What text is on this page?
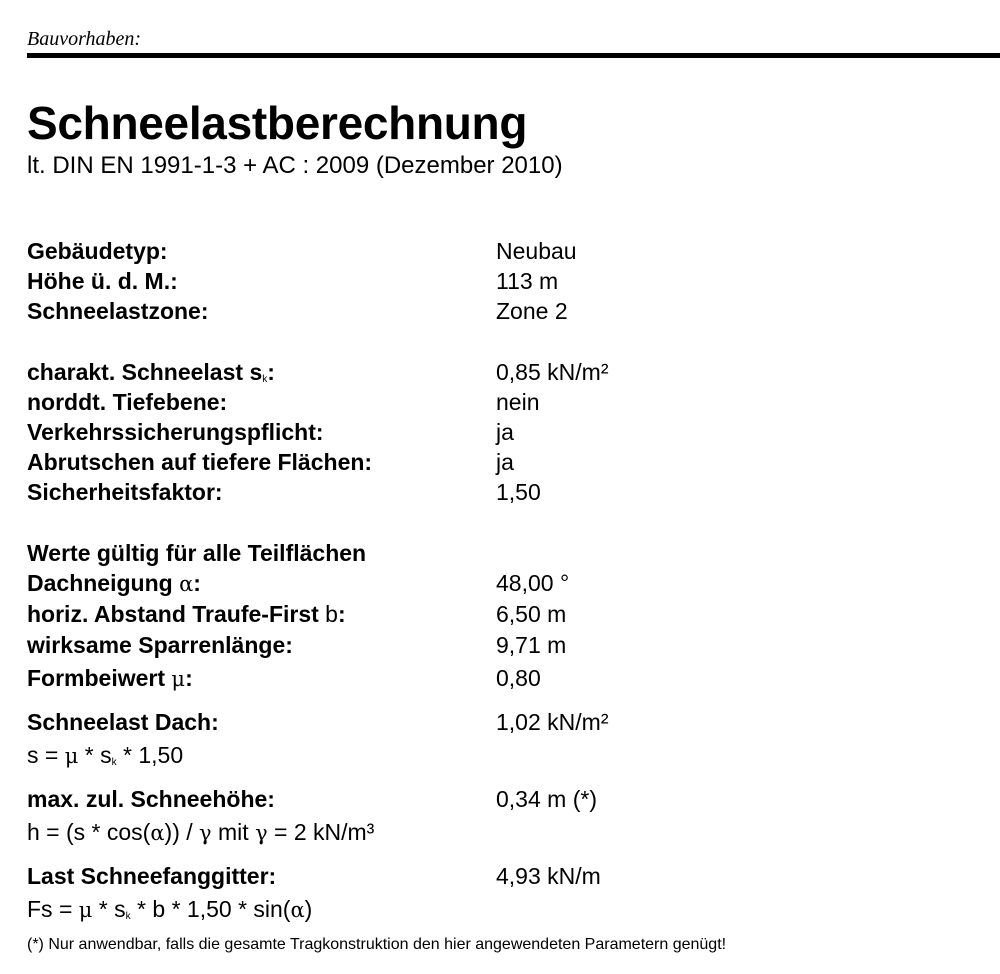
Bauvorhaben:
Schneelastberechnung
lt. DIN EN 1991-1-3 + AC : 2009 (Dezember 2010)
Gebäudetyp:	Neubau
Höhe ü. d. M.:	113 m
Schneelastzone:	Zone 2
charakt. Schneelast $s_k$:	0,85 kN/m²
norddt. Tiefebene:	nein
Verkehrssicherungspflicht:	ja
Abrutschen auf tiefere Flächen:	ja
Sicherheitsfaktor:	1,50
Werte gültig für alle Teilflächen
Dachneigung α:	48,00 °
horiz. Abstand Traufe-First b:	6,50 m
wirksame Sparrenlänge:	9,71 m
Formbeiwert μ:	0,80
Schneelast Dach:	1,02 kN/m²
$s = \mu * s_k * 1,50$
max. zul. Schneehöhe:	0,34 m (*)
h = (s * cos(α)) / γ mit γ = 2 kN/m³
Last Schneefanggitter:	4,93 kN/m
$Fs = \mu * s_k * b * 1,50 * \sin(\alpha)$
(*) Nur anwendbar, falls die gesamte Tragkonstruktion den hier angewendeten Parametern genügt!
